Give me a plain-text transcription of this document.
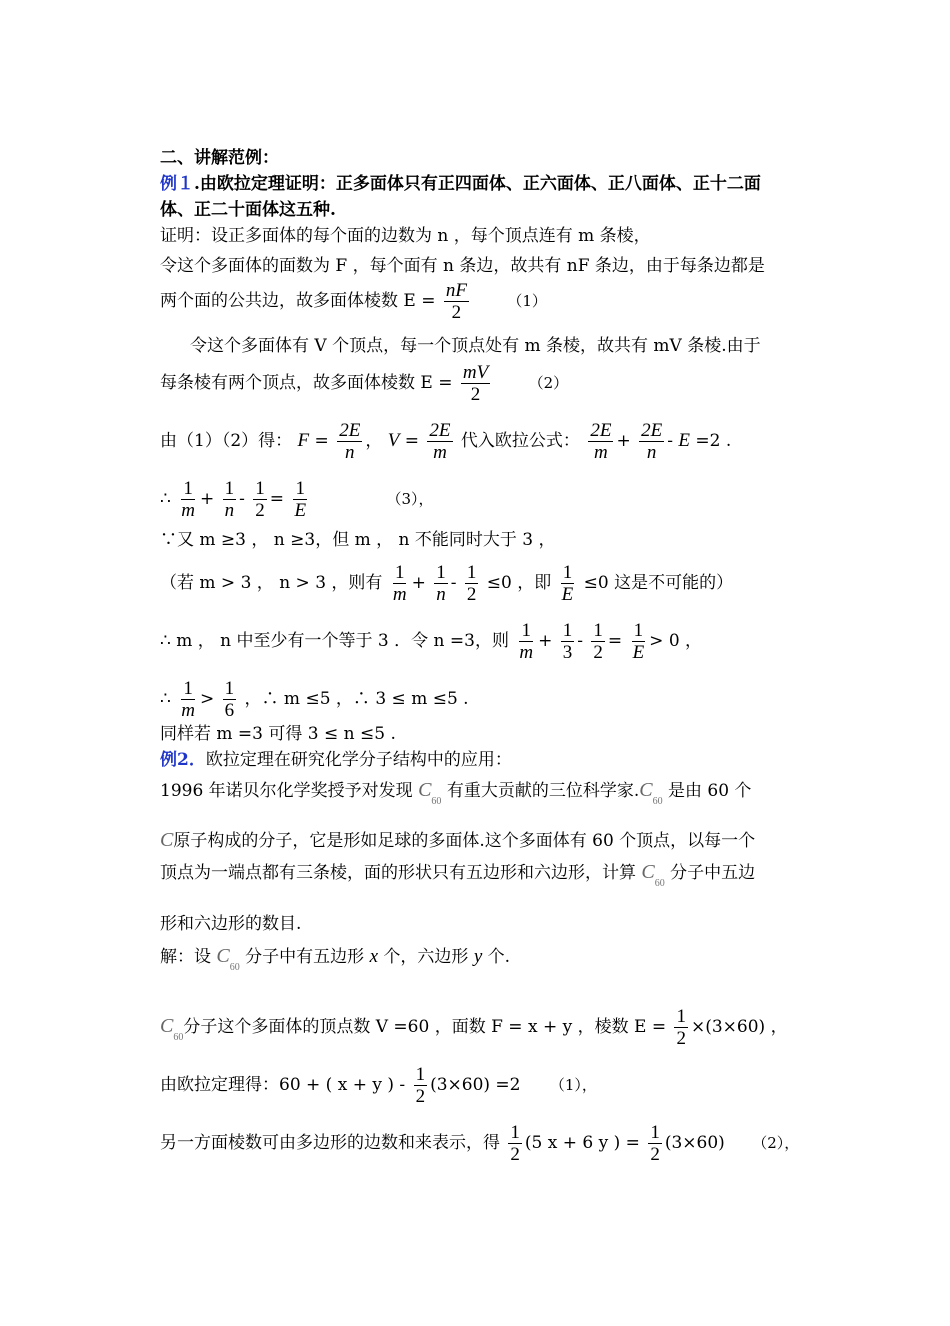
二、讲解范例：
例１.由欧拉定理证明：正多面体只有正四面体、正六面体、正八面体、正十二面
体、正二十面体这五种.
证明：设正多面体的每个面的边数为 n ，每个顶点连有 m 条棱，
令这个多面体的面数为 F ，每个面有 n 条边，故共有 nF 条边，由于每条边都是
两个面的公共边，故多面体棱数 $E = \frac{nF}{2}$	（1）
令这个多面体有 V 个顶点，每一个顶点处有 m 条棱，故共有 mV 条棱.由于
每条棱有两个顶点，故多面体棱数 $E = \frac{mV}{2}$	（2）
由（1）（2）得： $F = \frac{2E}{n}$ ， $V = \frac{2E}{m}$ 代入欧拉公式： $\frac{2E}{m} + \frac{2E}{n} - E =2$ .
∴ $\frac{1}{m} + \frac{1}{n} - \frac{1}{2} = \frac{1}{E}$	（3），
∵又 m ≥3 ， n ≥3，但 m ， n 不能同时大于 3 ，
（若 m > 3 ， n > 3 ，则有 $\frac{1}{m} + \frac{1}{n} - \frac{1}{2} \le 0$ ，即 $\frac{1}{E} \le 0$ 这是不可能的）
∴ m ， n 中至少有一个等于 3 ．令 n =3，则 $\frac{1}{m} + \frac{1}{3} - \frac{1}{2} = \frac{1}{E} > 0$ ，
∴ $\frac{1}{m} > \frac{1}{6}$ ，∴ m ≤5 ，∴ 3 ≤ m ≤5 .
同样若 m =3 可得 3 ≤ n ≤5 .
例2．欧拉定理在研究化学分子结构中的应用：
1996 年诺贝尔化学奖授予对发现 $C_{60}$ 有重大贡献的三位科学家$.C_{60}$ 是由 60 个
C原子构成的分子，它是形如足球的多面体.这个多面体有 60 个顶点，以每一个
顶点为一端点都有三条棱，面的形状只有五边形和六边形，计算 $C_{60}$ 分子中五边
形和六边形的数目.
解：设 $C_{60}$ 分子中有五边形 x 个，六边形 y 个.
$C_{60}$分子这个多面体的顶点数 V =60 ，面数 F = x + y ，棱数 $E = \frac{1}{2} \times(3\times 60)$ ，
由欧拉定理得：60 + ( x + y ) - $\frac{1}{2} (3\times 60) =2$ （1），
另一方面棱数可由多边形的边数和来表示，得 $\frac{1}{2} (5$ x + 6 y ) = $\frac{1}{2} (3\times 60)$ （2），
